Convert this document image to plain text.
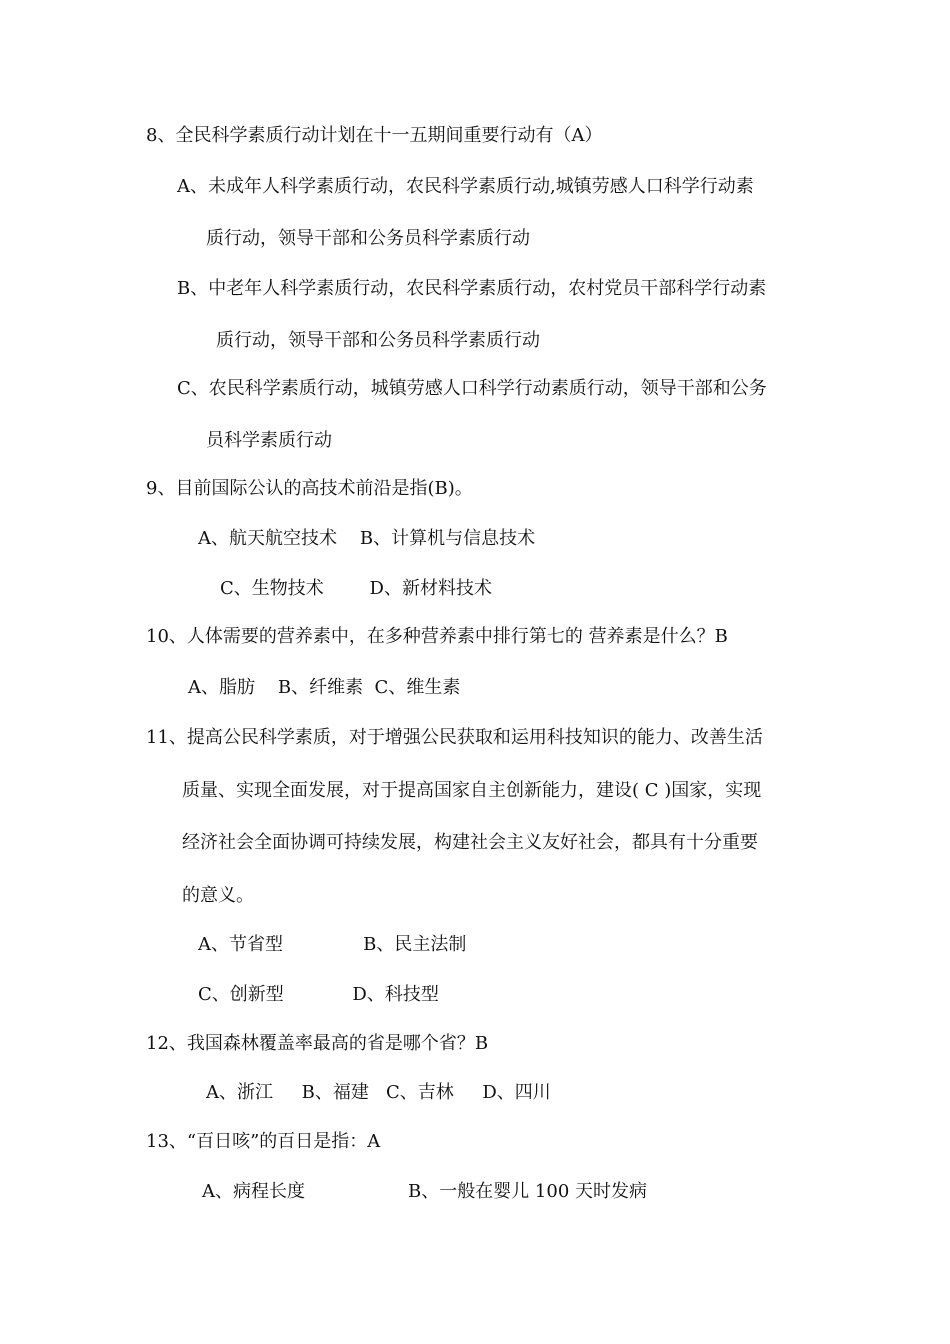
8、全民科学素质行动计划在十一五期间重要行动有（A）
A、未成年人科学素质行动，农民科学素质行动,城镇劳感人口科学行动素
质行动，领导干部和公务员科学素质行动
B、中老年人科学素质行动，农民科学素质行动，农村党员干部科学行动素
质行动，领导干部和公务员科学素质行动
C、农民科学素质行动，城镇劳感人口科学行动素质行动，领导干部和公务
员科学素质行动
9、目前国际公认的高技术前沿是指(B)。
A、航天航空技术    B、计算机与信息技术
C、生物技术        D、新材料技术
10、人体需要的营养素中，在多种营养素中排行第七的 营养素是什么？B
A、脂肪    B、纤维素  C、维生素
11、提高公民科学素质，对于增强公民获取和运用科技知识的能力、改善生活
质量、实现全面发展，对于提高国家自主创新能力，建设( C )国家，实现
经济社会全面协调可持续发展，构建社会主义友好社会，都具有十分重要
的意义。
A、节省型              B、民主法制
C、创新型            D、科技型
12、我国森林覆盖率最高的省是哪个省？B
A、浙江     B、福建   C、吉林     D、四川
13、“百日咳”的百日是指：A
A、病程长度                  B、一般在婴儿 100 天时发病
